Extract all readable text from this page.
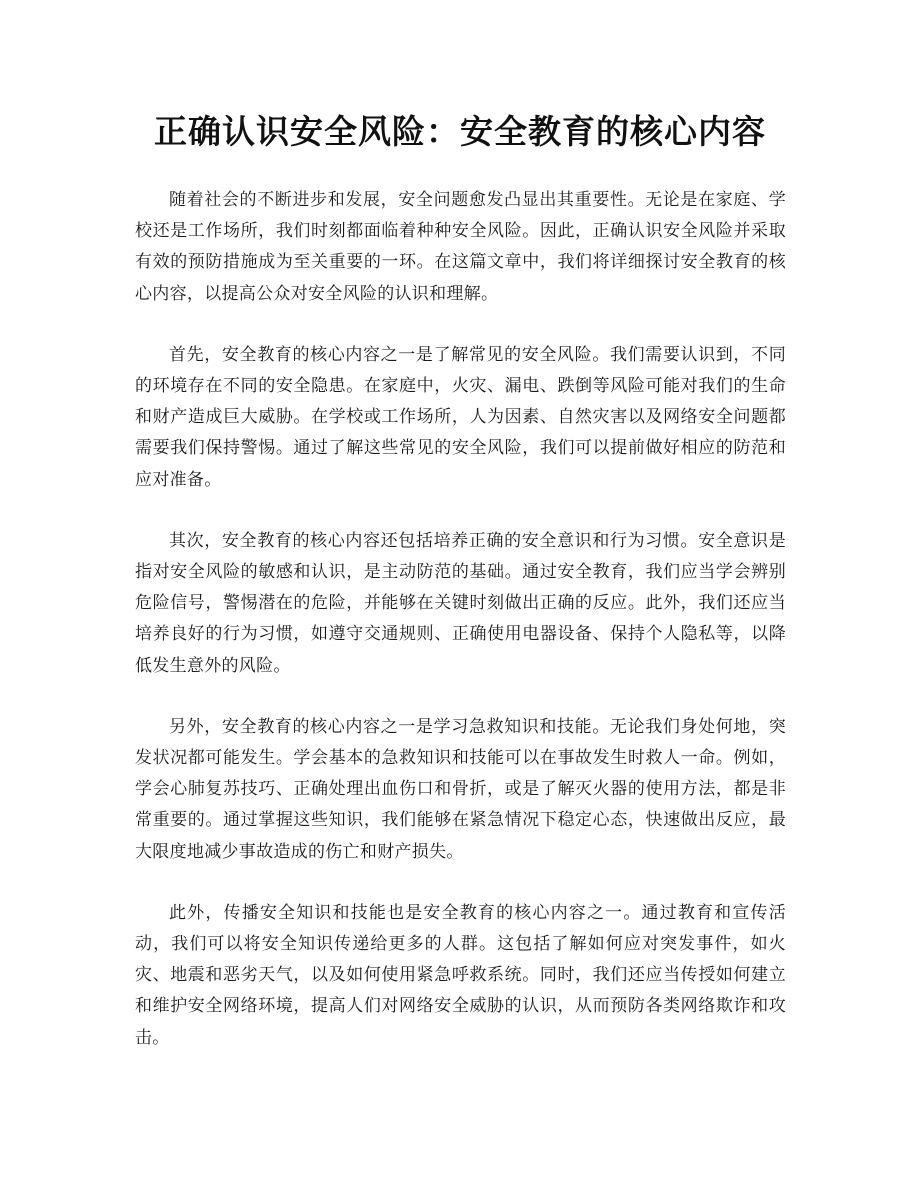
正确认识安全风险：安全教育的核心内容

随着社会的不断进步和发展，安全问题愈发凸显出其重要性。无论是在家庭、学校还是工作场所，我们时刻都面临着种种安全风险。因此，正确认识安全风险并采取有效的预防措施成为至关重要的一环。在这篇文章中，我们将详细探讨安全教育的核心内容，以提高公众对安全风险的认识和理解。

首先，安全教育的核心内容之一是了解常见的安全风险。我们需要认识到，不同的环境存在不同的安全隐患。在家庭中，火灾、漏电、跌倒等风险可能对我们的生命和财产造成巨大威胁。在学校或工作场所，人为因素、自然灾害以及网络安全问题都需要我们保持警惕。通过了解这些常见的安全风险，我们可以提前做好相应的防范和应对准备。

其次，安全教育的核心内容还包括培养正确的安全意识和行为习惯。安全意识是指对安全风险的敏感和认识，是主动防范的基础。通过安全教育，我们应当学会辨别危险信号，警惕潜在的危险，并能够在关键时刻做出正确的反应。此外，我们还应当培养良好的行为习惯，如遵守交通规则、正确使用电器设备、保持个人隐私等，以降低发生意外的风险。

另外，安全教育的核心内容之一是学习急救知识和技能。无论我们身处何地，突发状况都可能发生。学会基本的急救知识和技能可以在事故发生时救人一命。例如，学会心肺复苏技巧、正确处理出血伤口和骨折，或是了解灭火器的使用方法，都是非常重要的。通过掌握这些知识，我们能够在紧急情况下稳定心态，快速做出反应，最大限度地减少事故造成的伤亡和财产损失。

此外，传播安全知识和技能也是安全教育的核心内容之一。通过教育和宣传活动，我们可以将安全知识传递给更多的人群。这包括了解如何应对突发事件，如火灾、地震和恶劣天气，以及如何使用紧急呼救系统。同时，我们还应当传授如何建立和维护安全网络环境，提高人们对网络安全威胁的认识，从而预防各类网络欺诈和攻击。
